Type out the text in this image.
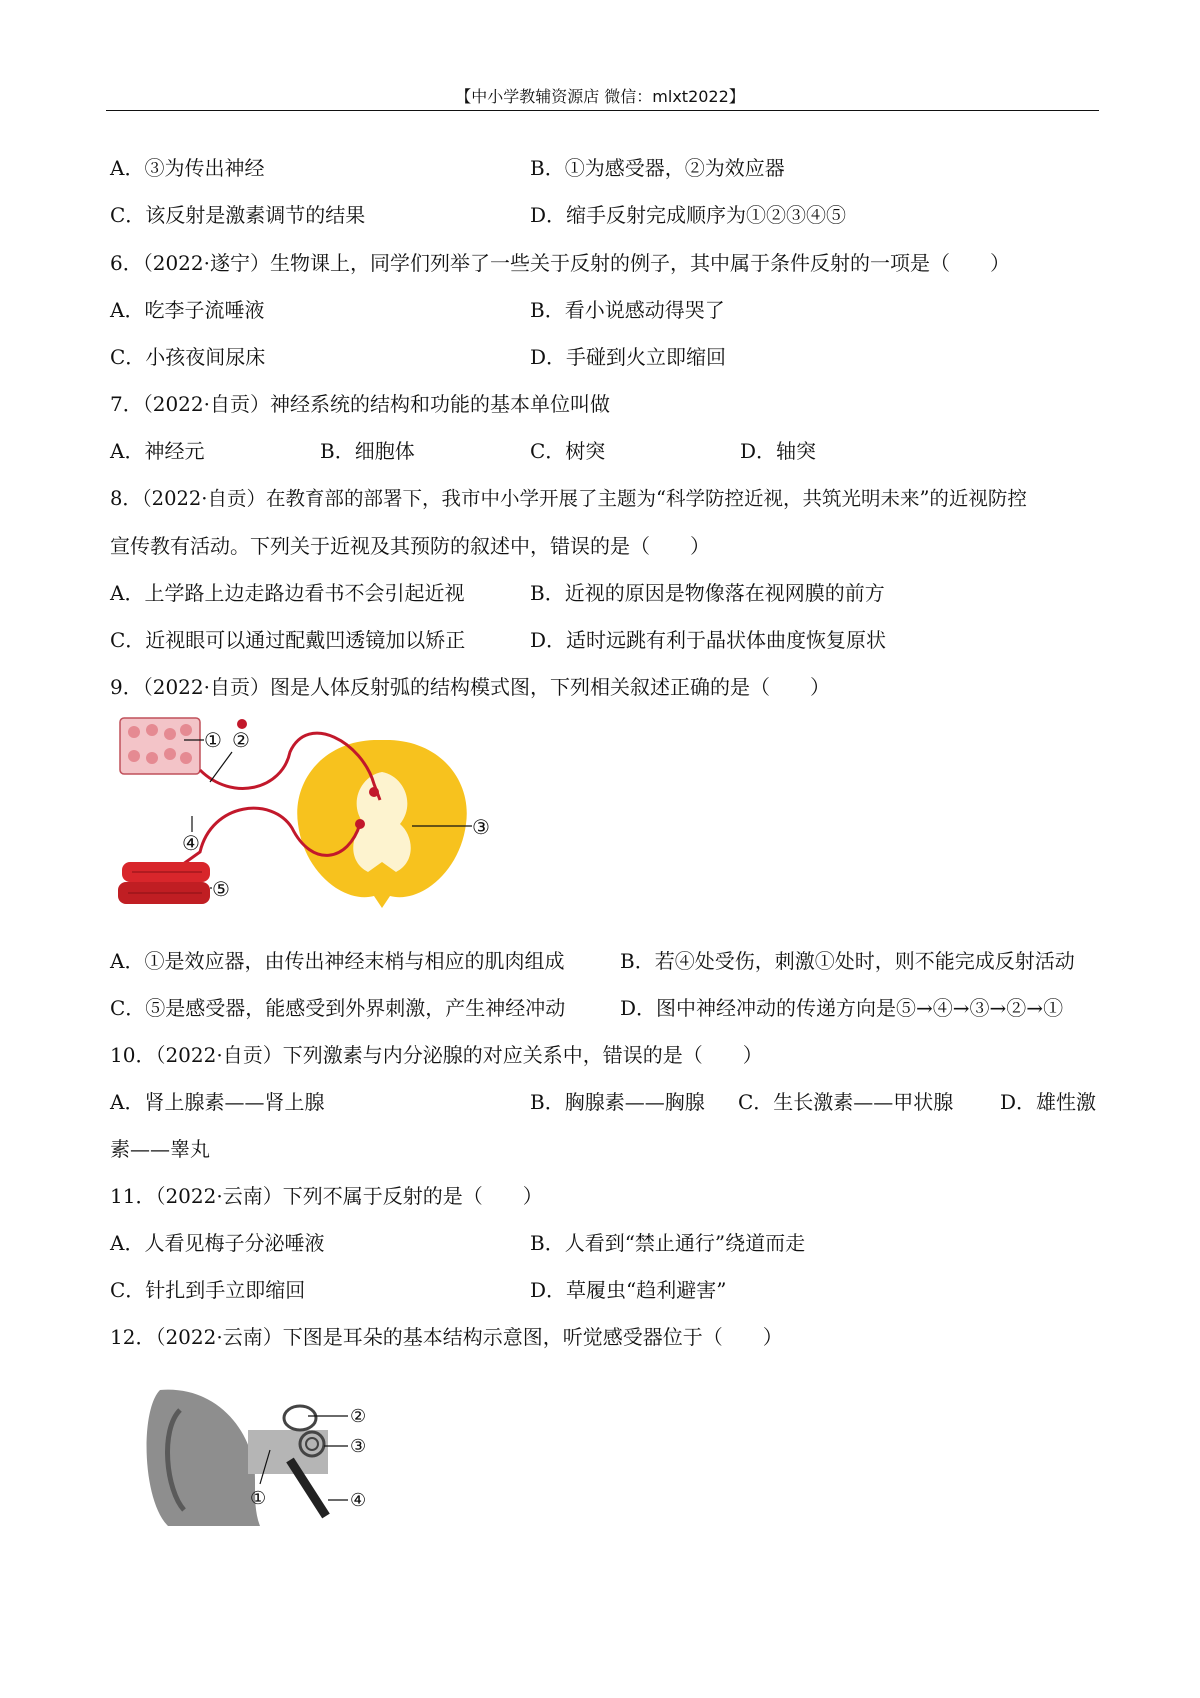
【中小学教辅资源店 微信：mlxt2022】
A．③为传出神经	B．①为感受器，②为效应器
C．该反射是激素调节的结果	D．缩手反射完成顺序为①②③④⑤
6．（2022·遂宁）生物课上，同学们列举了一些关于反射的例子，其中属于条件反射的一项是（　　）
A．吃李子流唾液	B．看小说感动得哭了
C．小孩夜间尿床	D．手碰到火立即缩回
7．（2022·自贡）神经系统的结构和功能的基本单位叫做
A．神经元	B．细胞体	C．树突	D．轴突
8．（2022·自贡）在教育部的部署下，我市中小学开展了主题为“科学防控近视，共筑光明未来”的近视防控
宣传教有活动。下列关于近视及其预防的叙述中，错误的是（　　）
A．上学路上边走路边看书不会引起近视	B．近视的原因是物像落在视网膜的前方
C．近视眼可以通过配戴凹透镜加以矫正	D．适时远跳有利于晶状体曲度恢复原状
9．（2022·自贡）图是人体反射弧的结构模式图，下列相关叙述正确的是（　　）
① ②
③
④
⑤
A．①是效应器，由传出神经末梢与相应的肌肉组成	B．若④处受伤，刺激①处时，则不能完成反射活动
C．⑤是感受器，能感受到外界刺激，产生神经冲动	D．图中神经冲动的传递方向是⑤→④→③→②→①
10．（2022·自贡）下列激素与内分泌腺的对应关系中，错误的是（　　）
A．肾上腺素——肾上腺	B．胸腺素——胸腺 C．生长激素——甲状腺 D．雄性激
素——睾丸
11．（2022·云南）下列不属于反射的是（　　）
A．人看见梅子分泌唾液	B．人看到“禁止通行”绕道而走
C．针扎到手立即缩回	D．草履虫“趋利避害”
12．（2022·云南）下图是耳朵的基本结构示意图，听觉感受器位于（　　）
②
③
④
①
